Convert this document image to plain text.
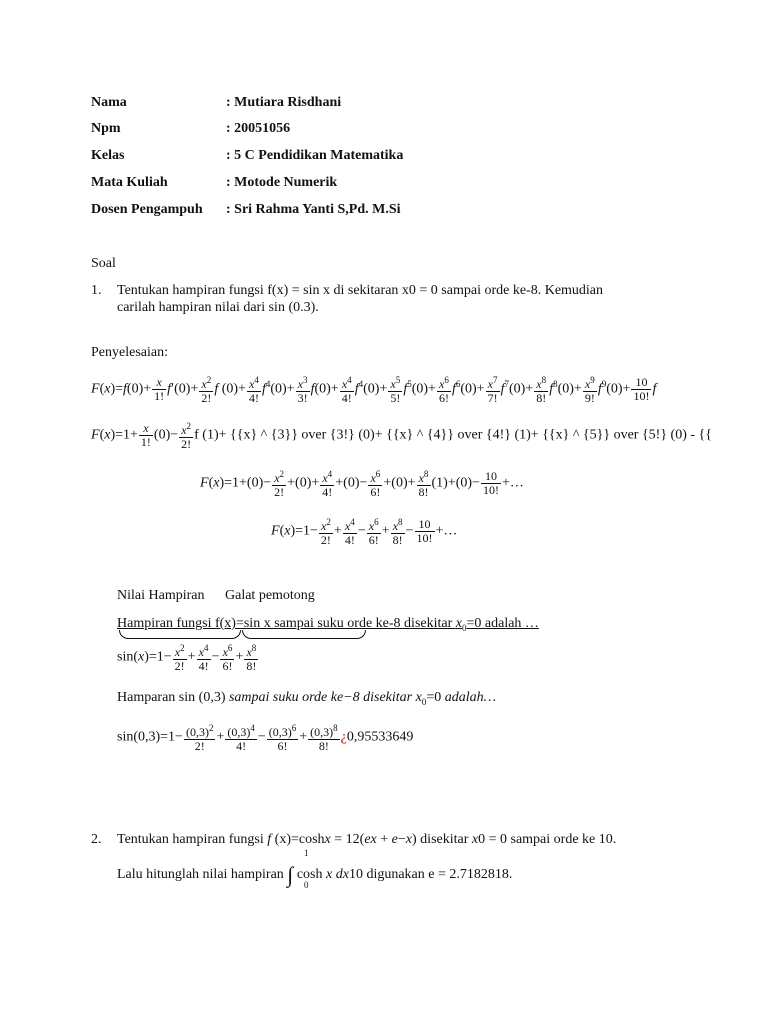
Nama	: Mutiara Risdhani
Npm	: 20051056
Kelas	: 5 C Pendidikan Matematika
Mata Kuliah	: Motode Numerik
Dosen Pengampuh : Sri Rahma Yanti S,Pd. M.Si
Soal
1. Tentukan hampiran fungsi f(x) = sin x di sekitaran x0 = 0 sampai orde ke-8. Kemudian
carilah hampiran nilai dari sin (0.3).
Penyelesaian:
$F(x)=f(0)+ \frac{x}{1!} f'(0)+ \frac{x^2}{2!}$ f $(0)+ \frac{x^4}{4!} f^4(0)+ \frac{x^3}{3!} f(0)+ \frac{x^4}{4!} f^4(0)+ \frac{x^5}{5!} f^5(0)+ \frac{x^6}{6!} f^6(0)+ \frac{x^7}{7!} f^7(0)+ \frac{x^8}{8!} f^8(0)+ \frac{x^9}{9!} f^9(0)+ \frac{10}{10!}$ f
$F(x)=1+ \frac{x}{1!} (0)- \frac{x^2}{2!}$ f (1)+ {{x} ^ {3}} over {3!} (0)+ {{x} ^ {4}} over {4!} (1)+ {{x} ^ {5}} over {5!} (0) - {{
$F(x)=1+(0)- \frac{x^2}{2!} +(0)+ \frac{x^4}{4!} +(0)- \frac{x^6}{6!} +(0)+ \frac{x^8}{8!} (1)+(0)- \frac{10}{10!}$ +…
$F(x)=1- \frac{x^2}{2!} + \frac{x^4}{4!} - \frac{x^6}{6!} + \frac{x^8}{8!} - \frac{10}{10!}$ +…
Nilai Hampiran Galat pemotong
Hampiran fungsi f(x)=sin x sampai suku orde ke-8 disekitar $x_0=0$ adalah …
$\sin(x)=1- \frac{x^2}{2!} + \frac{x^4}{4!} - \frac{x^6}{6!} + \frac{x^8}{8!}$
Hamparan sin (0,3) sampai suku orde ke−8 disekitar $x_0=0$ adalah…
$\sin(0,3)=1- \frac{(0,3)^2}{2!} + \frac{(0,3)^4}{4!} - \frac{(0,3)^6}{6!} + \frac{(0,3)^8}{8!}$ ¿0,95533649
2. Tentukan hampiran fungsi f (x)=coshx = 12(ex + e−x) disekitar x0 = 0 sampai orde ke 10.
Lalu hitunglah nilai hampiran ∫ cosh x dx10 digunakan e = 2.7182818.
1
0
